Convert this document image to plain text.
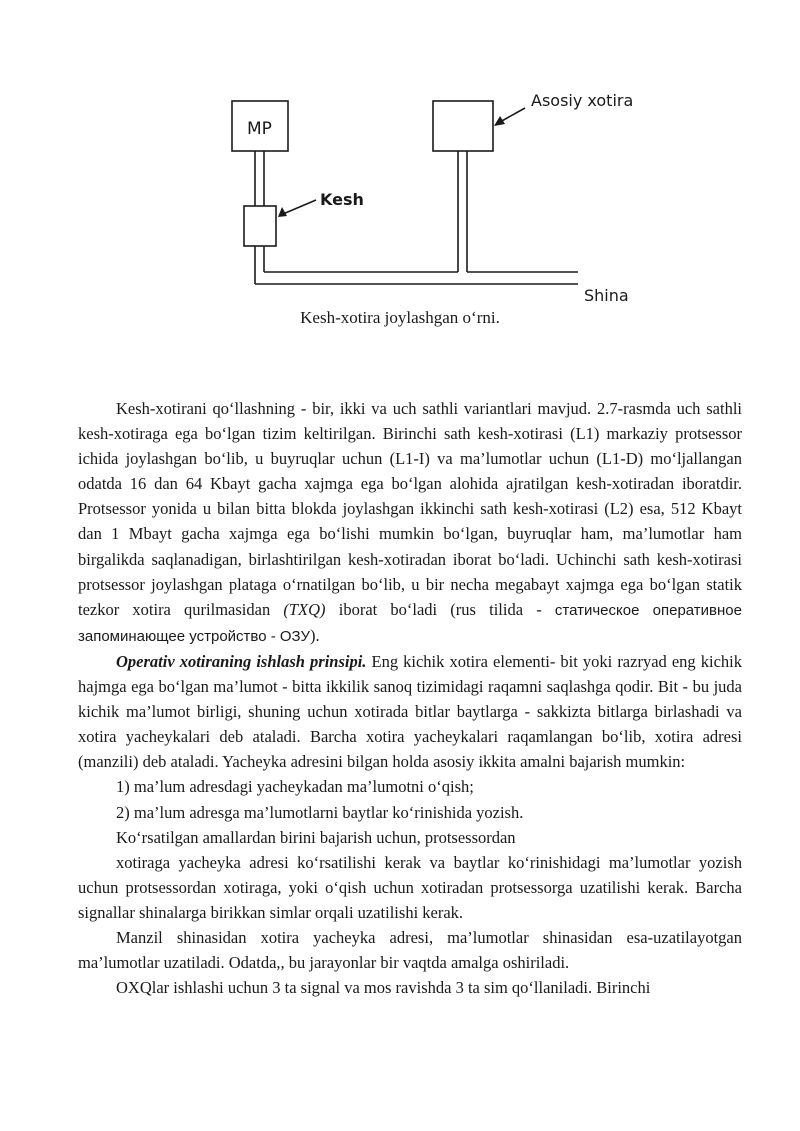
MP
Asosiy xotira
Kesh
Shina
Kesh-xotira joylashgan o‘rni.

Kesh-xotirani qo‘llashning - bir, ikki va uch sathli variantlari mavjud. 2.7-rasmda uch sathli kesh-xotiraga ega bo‘lgan tizim keltirilgan. Birinchi sath kesh-xotirasi (L1) markaziy protsessor ichida joylashgan bo‘lib, u buyruqlar uchun (L1-I) va ma’lumotlar uchun (L1-D) mo‘ljallangan odatda 16 dan 64 Kbayt gacha xajmga ega bo‘lgan alohida ajratilgan kesh-xotiradan iboratdir. Protsessor yonida u bilan bitta blokda joylashgan ikkinchi sath kesh-xotirasi (L2) esa, 512 Kbayt dan 1 Mbayt gacha xajmga ega bo‘lishi mumkin bo‘lgan, buyruqlar ham, ma’lumotlar ham birgalikda saqlanadigan, birlashtirilgan kesh-xotiradan iborat bo‘ladi. Uchinchi sath kesh-xotirasi protsessor joylashgan plataga o‘rnatilgan bo‘lib, u bir necha megabayt xajmga ega bo‘lgan statik tezkor xotira qurilmasidan (TXQ) iborat bo‘ladi (rus tilida - статическое оперативное запоминающее устройство - ОЗУ).

Operativ xotiraning ishlash prinsipi. Eng kichik xotira elementi- bit yoki razryad eng kichik hajmga ega bo‘lgan ma’lumot - bitta ikkilik sanoq tizimidagi raqamni saqlashga qodir. Bit - bu juda kichik ma’lumot birligi, shuning uchun xotirada bitlar baytlarga - sakkizta bitlarga birlashadi va xotira yacheykalari deb ataladi. Barcha xotira yacheykalari raqamlangan bo‘lib, xotira adresi (manzili) deb ataladi. Yacheyka adresini bilgan holda asosiy ikkita amalni bajarish mumkin:

1) ma’lum adresdagi yacheykadan ma’lumotni o‘qish;

2) ma’lum adresga ma’lumotlarni baytlar ko‘rinishida yozish.

Ko‘rsatilgan amallardan birini bajarish uchun, protsessordan

xotiraga yacheyka adresi ko‘rsatilishi kerak va baytlar ko‘rinishidagi ma’lumotlar yozish uchun protsessordan xotiraga, yoki o‘qish uchun xotiradan protsessorga uzatilishi kerak. Barcha signallar shinalarga birikkan simlar orqali uzatilishi kerak.

Manzil shinasidan xotira yacheyka adresi, ma’lumotlar shinasidan esa-uzatilayotgan ma’lumotlar uzatiladi. Odatda,, bu jarayonlar bir vaqtda amalga oshiriladi.

OXQlar ishlashi uchun 3 ta signal va mos ravishda 3 ta sim qo‘llaniladi. Birinchi
